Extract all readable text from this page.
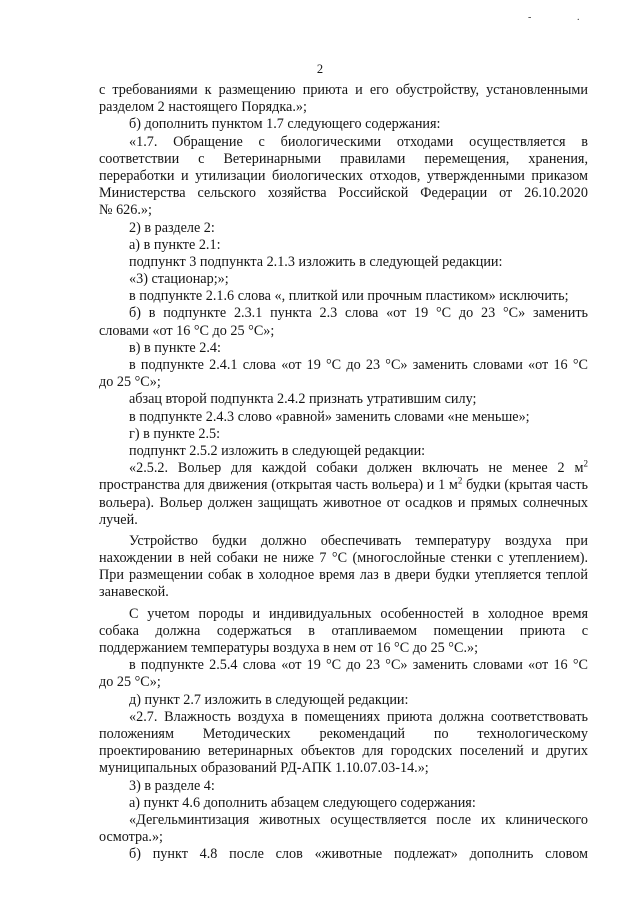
-	.
2
с требованиями к размещению приюта и его обустройству, установленными
разделом 2 настоящего Порядка.»;
б) дополнить пунктом 1.7 следующего содержания:
«1.7. Обращение с биологическими отходами осуществляется в
соответствии с Ветеринарными правилами перемещения, хранения,
переработки и утилизации биологических отходов, утвержденными приказом
Министерства сельского хозяйства Российской Федерации от 26.10.2020
№ 626.»;
2) в разделе 2:
а) в пункте 2.1:
подпункт 3 подпункта 2.1.3 изложить в следующей редакции:
«3) стационар;»;
в подпункте 2.1.6 слова «, плиткой или прочным пластиком» исключить;
б) в подпункте 2.3.1 пункта 2.3 слова «от 19 °С до 23 °С» заменить
словами «от 16 °С до 25 °С»;
в) в пункте 2.4:
в подпункте 2.4.1 слова «от 19 °С до 23 °С» заменить словами «от 16 °С
до 25 °С»;
абзац второй подпункта 2.4.2 признать утратившим силу;
в подпункте 2.4.3 слово «равной» заменить словами «не меньше»;
г) в пункте 2.5:
подпункт 2.5.2 изложить в следующей редакции:
«2.5.2. Вольер для каждой собаки должен включать не менее 2 $м^2$
пространства для движения (открытая часть вольера) и 1 $м^2$ будки (крытая часть
вольера). Вольер должен защищать животное от осадков и прямых солнечных
лучей.
Устройство будки должно обеспечивать температуру воздуха при
нахождении в ней собаки не ниже 7 °С (многослойные стенки с утеплением).
При размещении собак в холодное время лаз в двери будки утепляется теплой
занавеской.
С учетом породы и индивидуальных особенностей в холодное время
собака должна содержаться в отапливаемом помещении приюта с
поддержанием температуры воздуха в нем от 16 °С до 25 °С.»;
в подпункте 2.5.4 слова «от 19 °С до 23 °С» заменить словами «от 16 °С
до 25 °С»;
д) пункт 2.7 изложить в следующей редакции:
«2.7. Влажность воздуха в помещениях приюта должна соответствовать
положениям Методических рекомендаций по технологическому
проектированию ветеринарных объектов для городских поселений и других
муниципальных образований РД-АПК 1.10.07.03-14.»;
3) в разделе 4:
а) пункт 4.6 дополнить абзацем следующего содержания:
«Дегельминтизация животных осуществляется после их клинического
осмотра.»;
б) пункт 4.8 после слов «животные подлежат» дополнить словом
